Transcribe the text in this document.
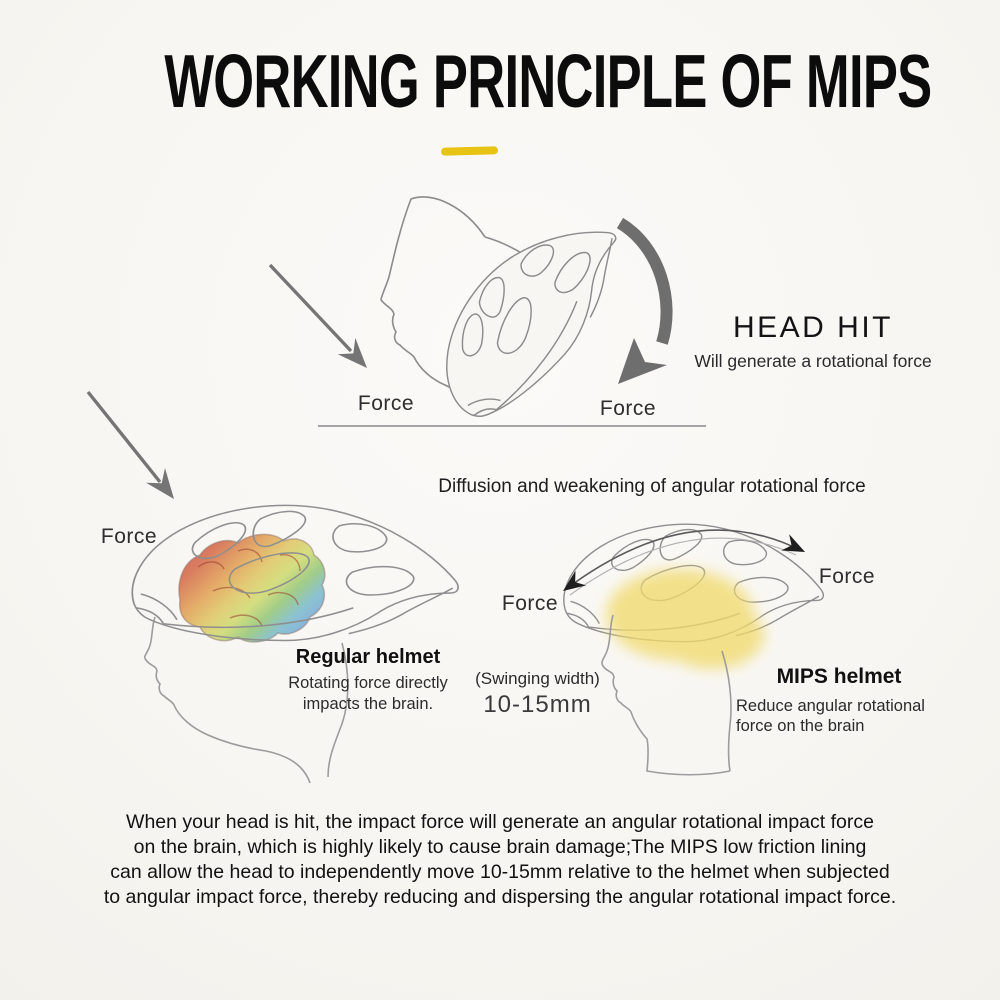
WORKING PRINCIPLE OF MIPS
HEAD HIT
Will generate a rotational force
Force	Force
Diffusion and weakening of angular rotational force
Force
Regular helmet
Rotating force directly
impacts the brain.
Force
Force
(Swinging width)
10-15mm
MIPS helmet
Reduce angular rotational
force on the brain
When your head is hit, the impact force will generate an angular rotational impact force
on the brain, which is highly likely to cause brain damage;The MIPS low friction lining
can allow the head to independently move 10-15mm relative to the helmet when subjected
to angular impact force, thereby reducing and dispersing the angular rotational impact force.
